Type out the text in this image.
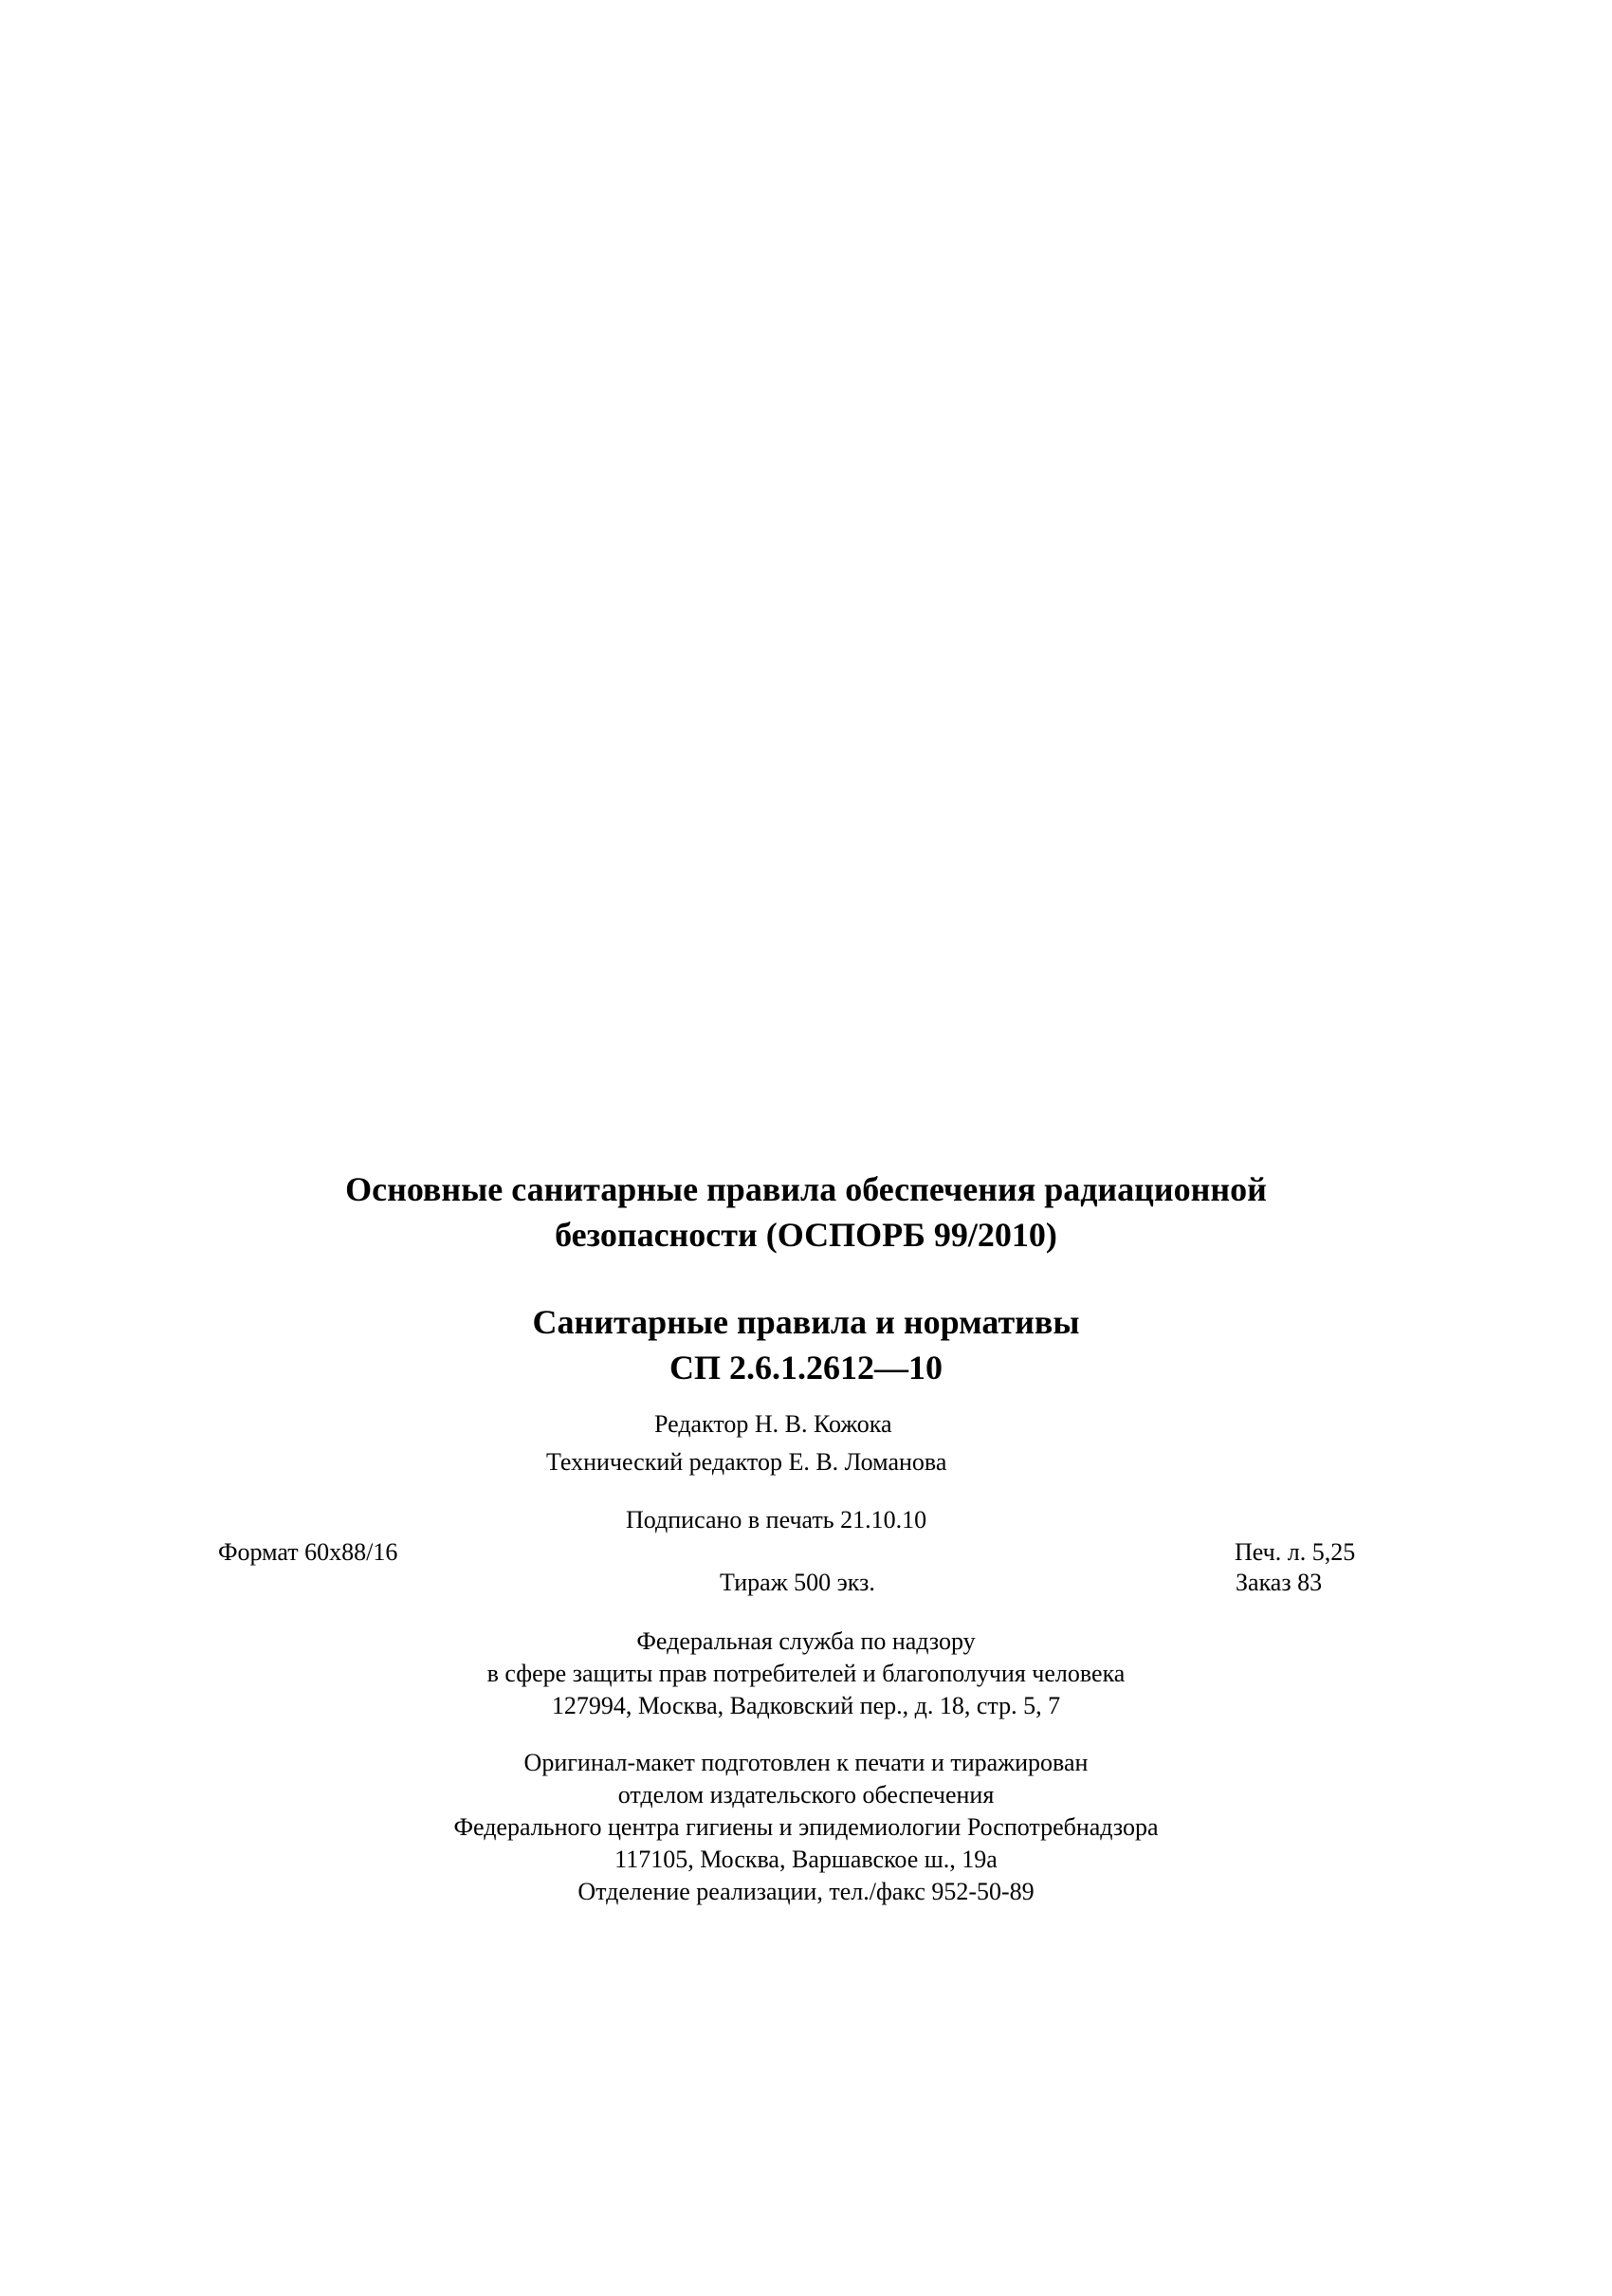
Основные санитарные правила обеспечения радиационной
безопасности (ОСПОРБ 99/2010)
Санитарные правила и нормативы
СП 2.6.1.2612—10
Редактор Н. В. Кожока
Технический редактор Е. В. Ломанова
Подписано в печать 21.10.10
Формат 60х88/16	Печ. л. 5,25
Тираж 500 экз.	Заказ 83
Федеральная служба по надзору
в сфере защиты прав потребителей и благополучия человека
127994, Москва, Вадковский пер., д. 18, стр. 5, 7
Оригинал-макет подготовлен к печати и тиражирован
отделом издательского обеспечения
Федерального центра гигиены и эпидемиологии Роспотребнадзора
117105, Москва, Варшавское ш., 19а
Отделение реализации, тел./факс 952-50-89
